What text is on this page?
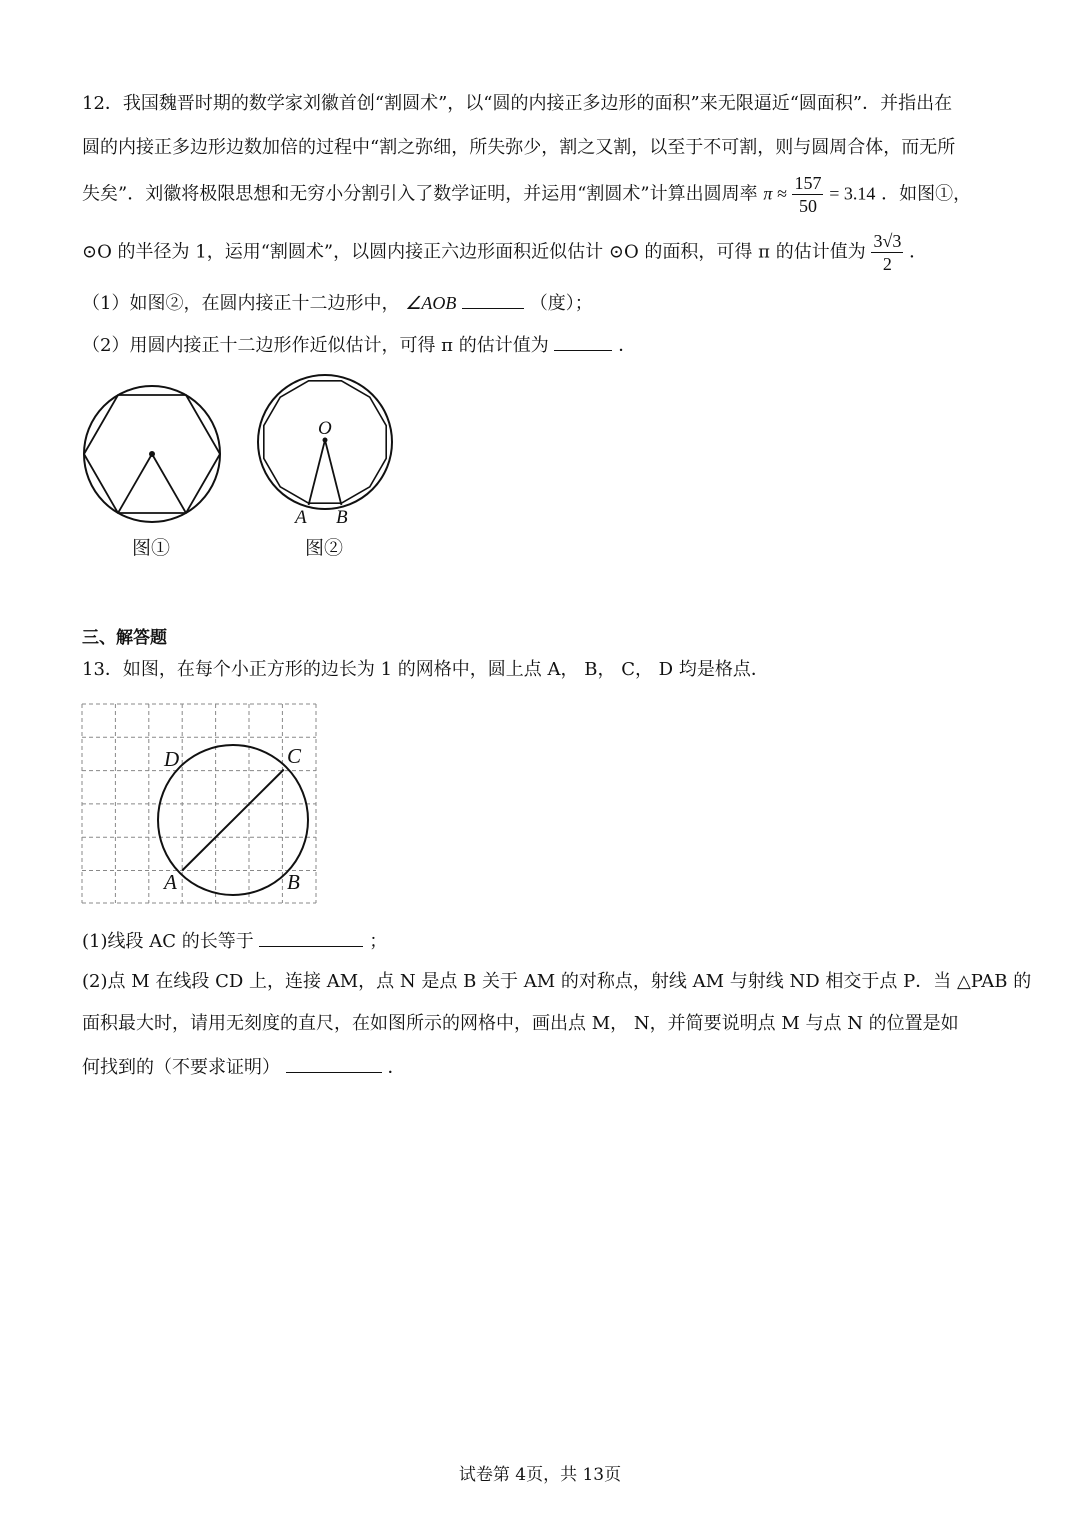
12．我国魏晋时期的数学家刘徽首创“割圆术”，以“圆的内接正多边形的面积”来无限逼近“圆面积”．并指出在
圆的内接正多边形边数加倍的过程中“割之弥细，所失弥少，割之又割，以至于不可割，则与圆周合体，而无所
失矣”．刘徽将极限思想和无穷小分割引入了数学证明，并运用“割圆术”计算出圆周率 $\pi \approx \frac{157}{50} = 3.14$ ．如图①，
⊙O 的半径为 1，运用“割圆术”，以圆内接正六边形面积近似估计 ⊙O 的面积，可得 π 的估计值为 $\frac{3√3}{2}$ ．
（1）如图②，在圆内接正十二边形中， ∠AOB	（度）；
（2）用圆内接正十二边形作近似估计，可得 π 的估计值为	．
图①
O
A B
图②
三、解答题
13．如图，在每个小正方形的边长为 1 的网格中，圆上点 A， B， C， D 均是格点．
D	C
A	B
(1)线段 AC 的长等于	；
(2)点 M 在线段 CD 上，连接 AM，点 N 是点 B 关于 AM 的对称点，射线 AM 与射线 ND 相交于点 P．当 △PAB 的
面积最大时，请用无刻度的直尺，在如图所示的网格中，画出点 M， N，并简要说明点 M 与点 N 的位置是如
何找到的（不要求证明）	．
试卷第 4页，共 13页
